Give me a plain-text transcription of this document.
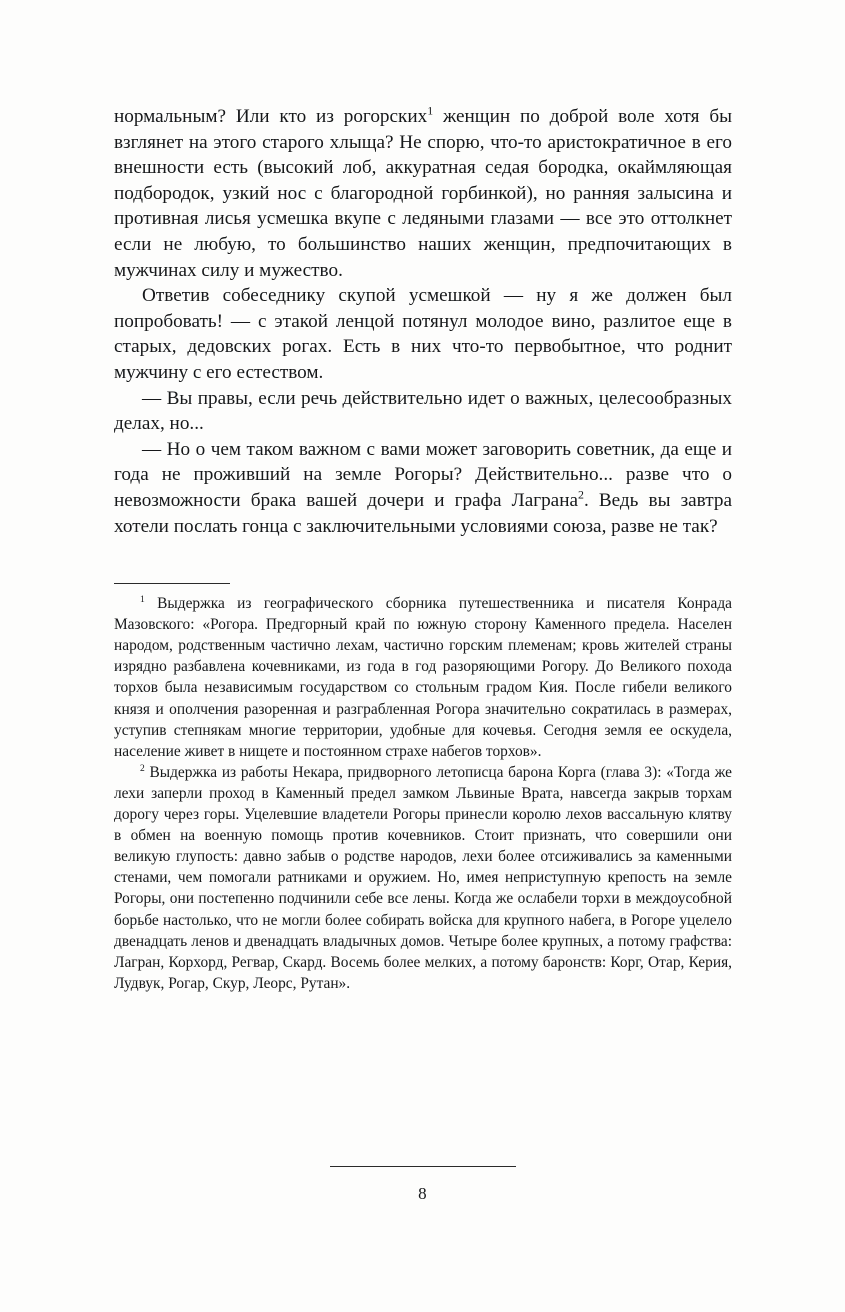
нормальным? Или кто из рогорских$^1$ женщин по доброй воле хотя бы взглянет на этого старого хлыща? Не спорю, что-то аристократичное в его внешности есть (высокий лоб, аккуратная седая бородка, окаймляющая подбородок, узкий нос с благородной горбинкой), но ранняя залысина и противная лисья усмешка вкупе с ледяными глазами — все это оттолкнет если не любую, то большинство наших женщин, предпочитающих в мужчинах силу и мужество.

Ответив собеседнику скупой усмешкой — ну я же должен был попробовать! — с этакой ленцой потянул молодое вино, разлитое еще в старых, дедовских рогах. Есть в них что-то первобытное, что роднит мужчину с его естеством.

— Вы правы, если речь действительно идет о важных, целесообразных делах, но...

— Но о чем таком важном с вами может заговорить советник, да еще и года не проживший на земле Рогоры? Действительно... разве что о невозможности брака вашей дочери и графа Лаграна$^2$. Ведь вы завтра хотели послать гонца с заключительными условиями союза, разве не так?

$^1$ Выдержка из географического сборника путешественника и писателя Конрада Мазовского: «Рогора. Предгорный край по южную сторону Каменного предела. Населен народом, родственным частично лехам, частично горским племенам; кровь жителей страны изрядно разбавлена кочевниками, из года в год разоряющими Рогору. До Великого похода торхов была независимым государством со стольным градом Кия. После гибели великого князя и ополчения разоренная и разграбленная Рогора значительно сократилась в размерах, уступив степнякам многие территории, удобные для кочевья. Сегодня земля ее оскудела, население живет в нищете и постоянном страхе набегов торхов».

$^2$ Выдержка из работы Некара, придворного летописца барона Корга (глава 3): «Тогда же лехи заперли проход в Каменный предел замком Львиные Врата, навсегда закрыв торхам дорогу через горы. Уцелевшие владетели Рогоры принесли королю лехов вассальную клятву в обмен на военную помощь против кочевников. Стоит признать, что совершили они великую глупость: давно забыв о родстве народов, лехи более отсиживались за каменными стенами, чем помогали ратниками и оружием. Но, имея неприступную крепость на земле Рогоры, они постепенно подчинили себе все лены. Когда же ослабели торхи в междоусобной борьбе настолько, что не могли более собирать войска для крупного набега, в Рогоре уцелело двенадцать ленов и двенадцать владычных домов. Четыре более крупных, а потому графства: Лагран, Корхорд, Регвар, Скард. Восемь более мелких, а потому баронств: Корг, Отар, Керия, Лудвук, Рогар, Скур, Леорс, Рутан».

8
